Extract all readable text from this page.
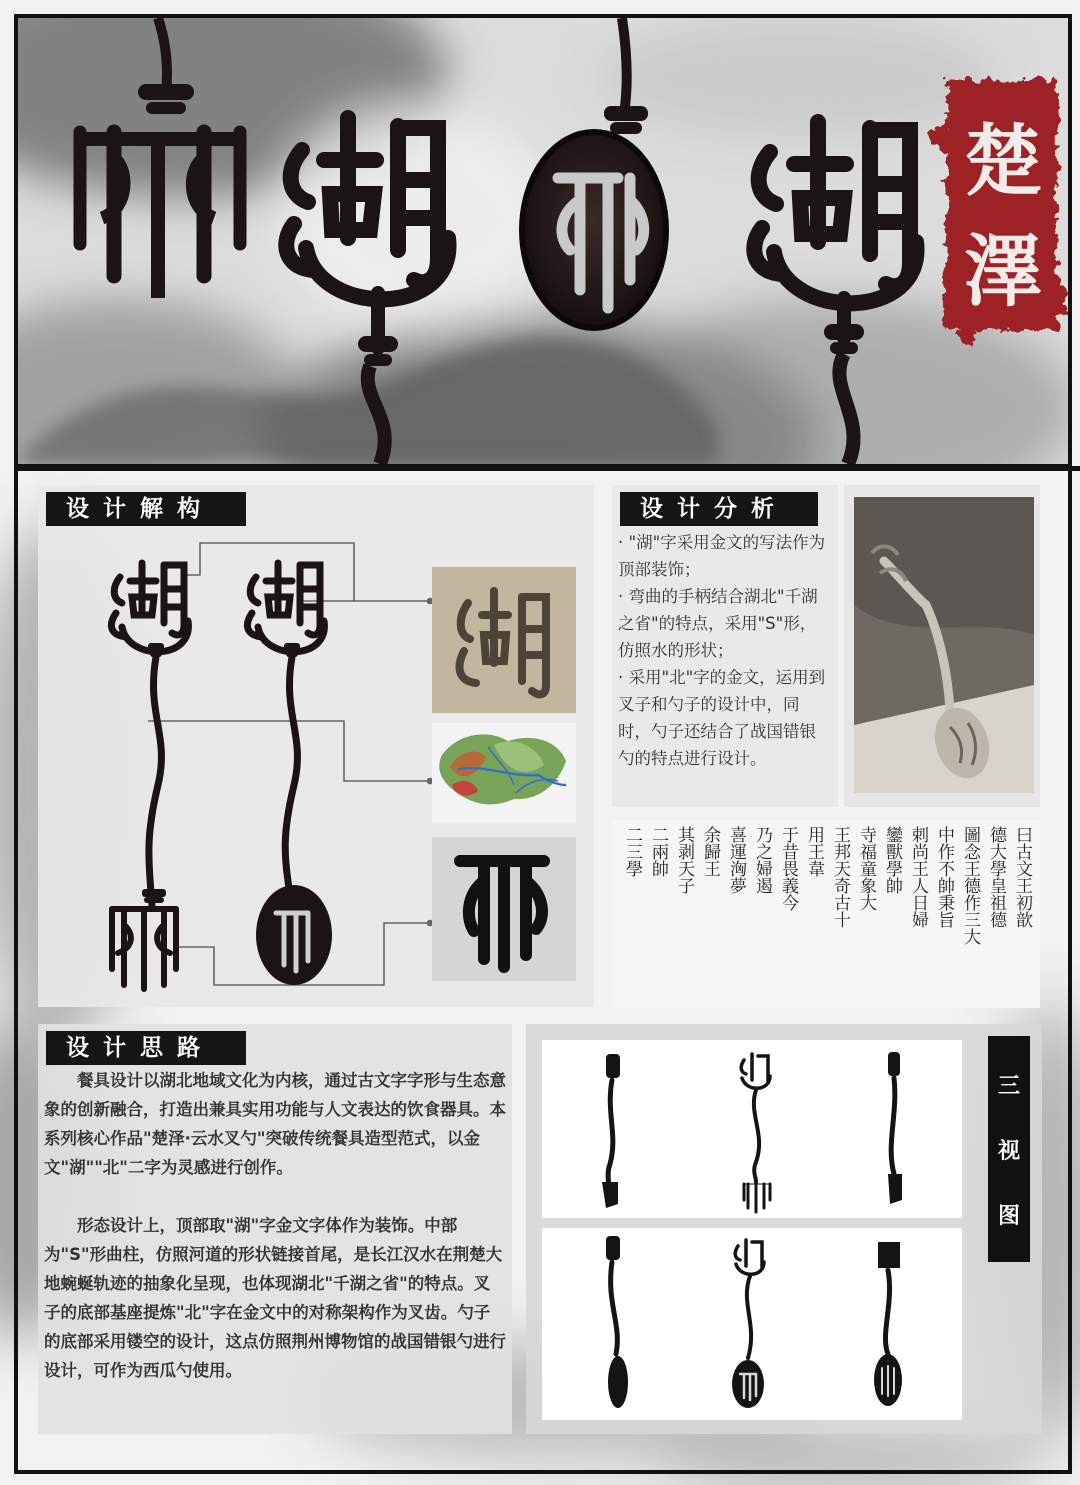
楚
澤
设计解构	设计分析

· "湖"字采用金文的写法作为顶部装饰；

· 弯曲的手柄结合湖北"千湖之省"的特点，采用"S"形，仿照水的形状；

· 采用"北"字的金文，运用到叉子和勺子的设计中，同时，勺子还结合了战国错银勺的特点进行设计。

曰古文王初歆
德大學皇祖德
圖念王德作三大
中作不帥秉旨
剌尚王人日婦
鑾獸學帥
寺福童象大
王邦天奇古十
用王韋
于昔畏義今
乃之婦遏
喜運洶夢
余歸王
其剥天子
二兩帥
二三學
设计思路

餐具设计以湖北地域文化为内核，通过古文字字形与生态意象的创新融合，打造出兼具实用功能与人文表达的饮食器具。本系列核心作品"楚泽·云水叉勺"突破传统餐具造型范式，以金文"湖""北"二字为灵感进行创作。

形态设计上，顶部取"湖"字金文字体作为装饰。中部为"S"形曲柱，仿照河道的形状链接首尾，是长江汉水在荆楚大地蜿蜒轨迹的抽象化呈现，也体现湖北"千湖之省"的特点。叉子的底部基座提炼"北"字在金文中的对称架构作为叉齿。勺子的底部采用镂空的设计，这点仿照荆州博物馆的战国错银勺进行设计，可作为西瓜勺使用。

三
视
图
